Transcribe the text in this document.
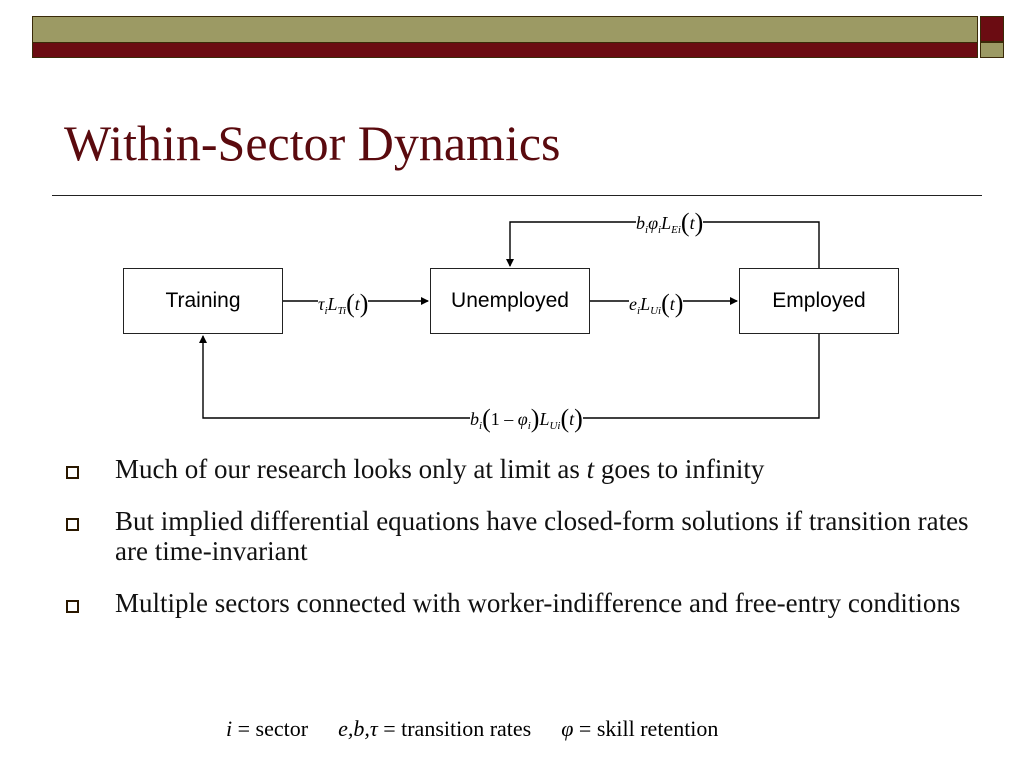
Within-Sector Dynamics
Training	Unemployed	Employed
$\tau_iL_{Ti}(t)$	$e_iL_{Ui}(t)$
$b_i\varphi_iL_{Ei}(t)$
$b_i(1 - \varphi_i)L_{Ui}(t)$
Much of our research looks only at limit as t goes to infinity
But implied differential equations have closed-form solutions if transition rates are time-invariant
Multiple sectors connected with worker-indifference and free-entry conditions
i = sector e,b,τ = transition rates φ = skill retention
